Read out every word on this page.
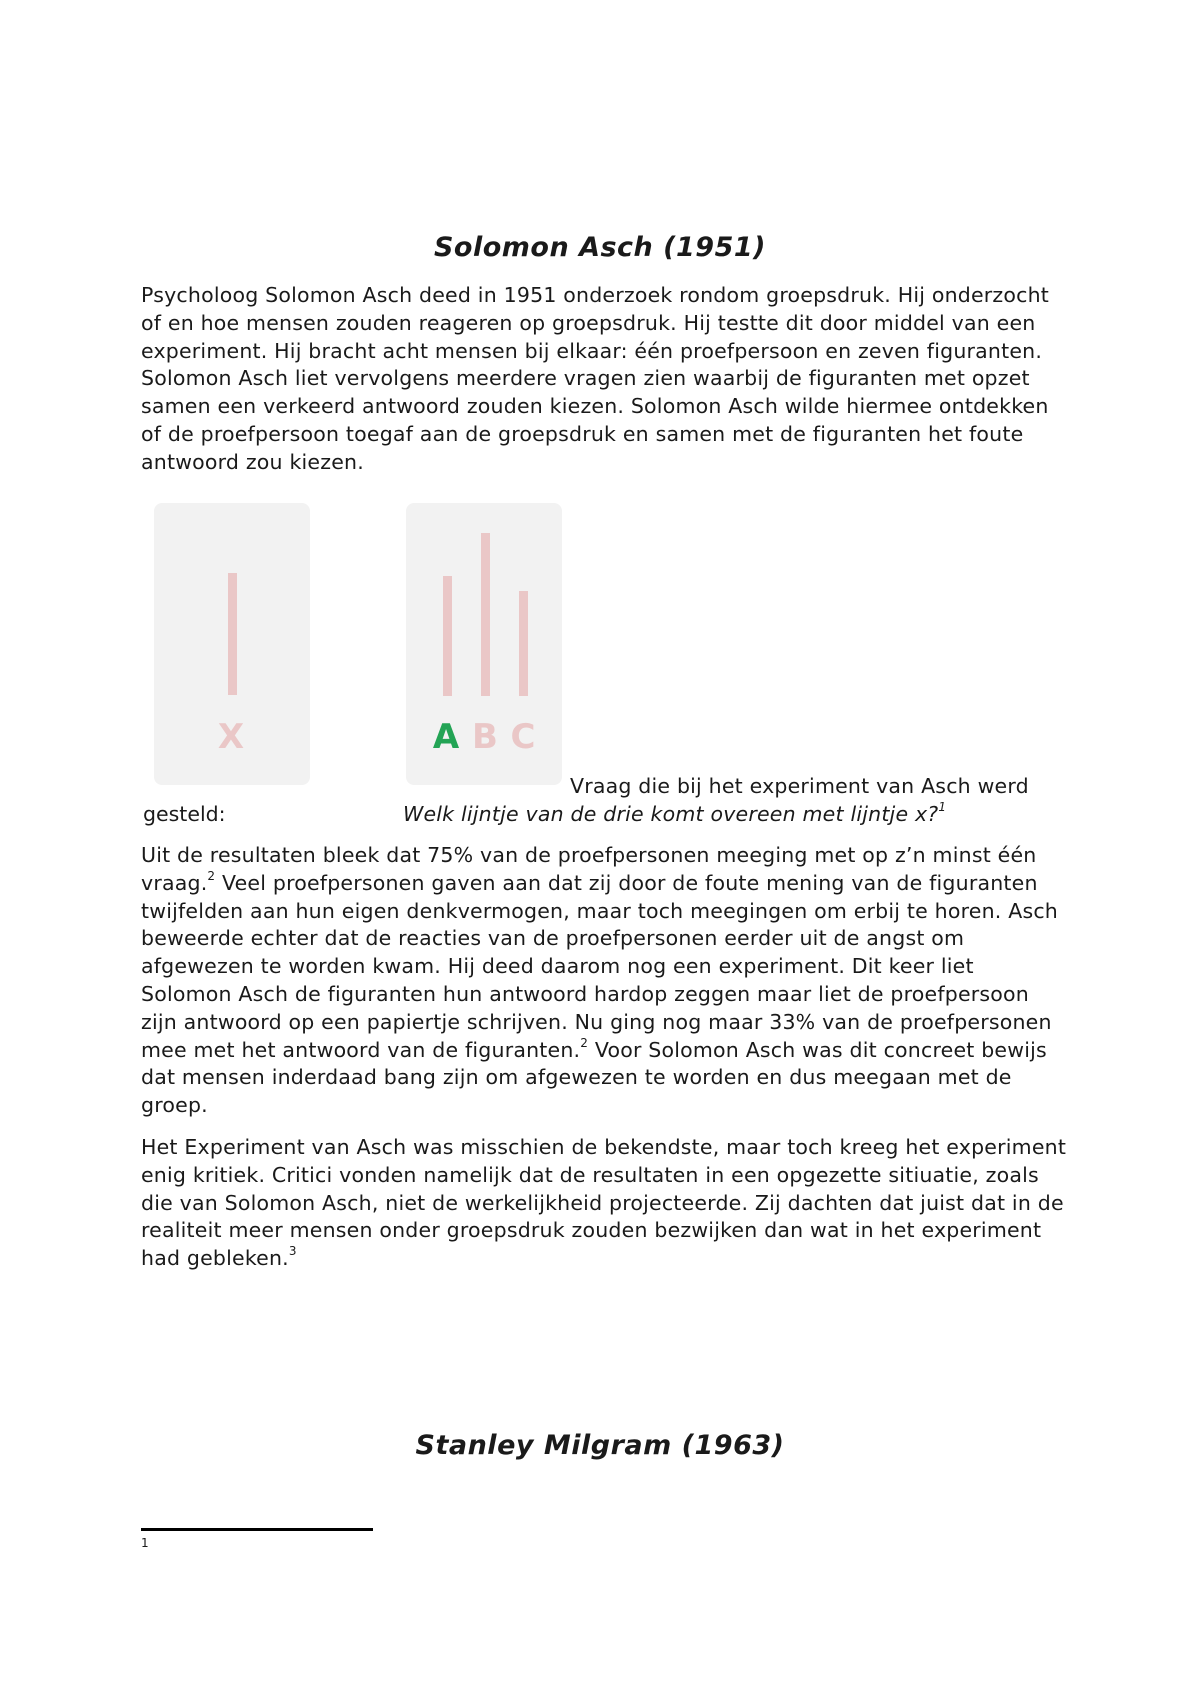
Solomon Asch (1951)

Psycholoog Solomon Asch deed in 1951 onderzoek rondom groepsdruk. Hij onderzocht of en hoe mensen zouden reageren op groepsdruk. Hij testte dit door middel van een experiment. Hij bracht acht mensen bij elkaar: één proefpersoon en zeven figuranten. Solomon Asch liet vervolgens meerdere vragen zien waarbij de figuranten met opzet samen een verkeerd antwoord zouden kiezen. Solomon Asch wilde hiermee ontdekken of de proefpersoon toegaf aan de groepsdruk en samen met de figuranten het foute antwoord zou kiezen.

X	A B C

Vraag die bij het experiment van Asch werd

gesteld:	Welk lijntje van de drie komt overeen met lijntje x?$^1$

Uit de resultaten bleek dat 75% van de proefpersonen meeging met op z’n minst één vraag.$^2$ Veel proefpersonen gaven aan dat zij door de foute mening van de figuranten twijfelden aan hun eigen denkvermogen, maar toch meegingen om erbij te horen. Asch beweerde echter dat de reacties van de proefpersonen eerder uit de angst om afgewezen te worden kwam. Hij deed daarom nog een experiment. Dit keer liet Solomon Asch de figuranten hun antwoord hardop zeggen maar liet de proefpersoon zijn antwoord op een papiertje schrijven. Nu ging nog maar 33% van de proefpersonen mee met het antwoord van de figuranten.$^2$ Voor Solomon Asch was dit concreet bewijs dat mensen inderdaad bang zijn om afgewezen te worden en dus meegaan met de groep.

Het Experiment van Asch was misschien de bekendste, maar toch kreeg het experiment enig kritiek. Critici vonden namelijk dat de resultaten in een opgezette sitiuatie, zoals die van Solomon Asch, niet de werkelijkheid projecteerde. Zij dachten dat juist dat in de realiteit meer mensen onder groepsdruk zouden bezwijken dan wat in het experiment had gebleken.$^3$

Stanley Milgram (1963)

1
